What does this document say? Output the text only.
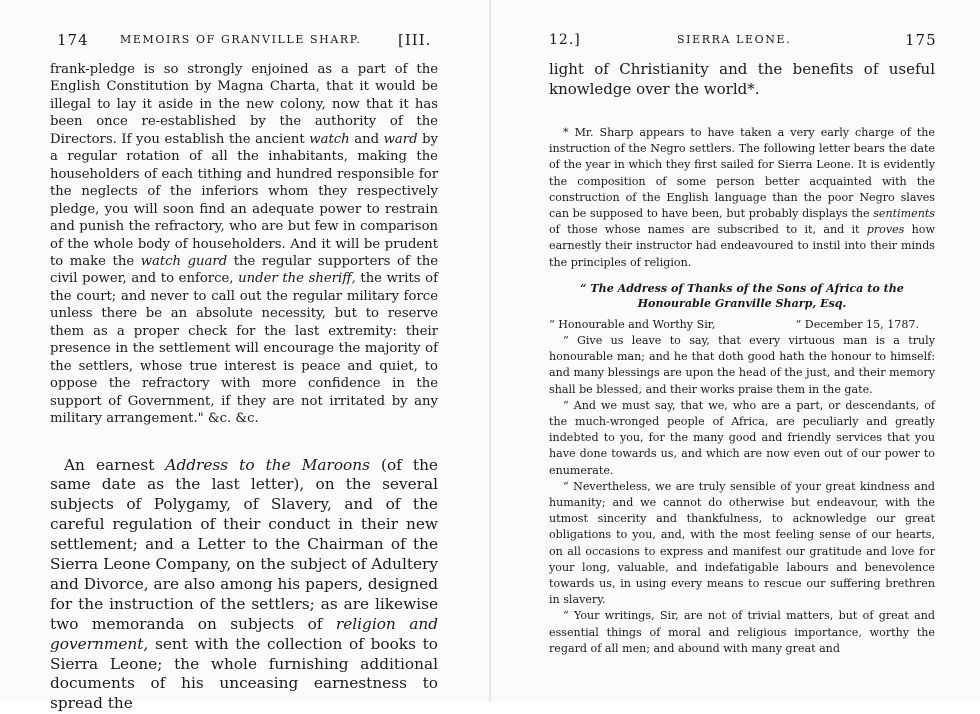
174	MEMOIRS OF GRANVILLE SHARP. [III.

frank-pledge is so strongly enjoined as a part of the English Constitution by Magna Charta, that it would be illegal to lay it aside in the new colony, now that it has been once re-established by the authority of the Directors. If you establish the ancient watch and ward by a regular rotation of all the inhabitants, making the householders of each tithing and hundred responsible for the neglects of the inferiors whom they respectively pledge, you will soon find an adequate power to restrain and punish the refractory, who are but few in comparison of the whole body of householders. And it will be prudent to make the watch guard the regular supporters of the civil power, and to enforce, under the sheriff, the writs of the court; and never to call out the regular military force unless there be an absolute necessity, but to reserve them as a proper check for the last extremity: their presence in the settlement will encourage the majority of the settlers, whose true interest is peace and quiet, to oppose the refractory with more confidence in the support of Government, if they are not irritated by any military arrangement." &c. &c.

An earnest Address to the Maroons (of the same date as the last letter), on the several subjects of Polygamy, of Slavery, and of the careful regulation of their conduct in their new settlement; and a Letter to the Chairman of the Sierra Leone Company, on the subject of Adultery and Divorce, are also among his papers, designed for the instruction of the settlers; as are likewise two memoranda on subjects of religion and government, sent with the collection of books to Sierra Leone; the whole furnishing additional documents of his unceasing earnestness to spread the

12.]	SIERRA LEONE.	175

light of Christianity and the benefits of useful knowledge over the world*.

* Mr. Sharp appears to have taken a very early charge of the instruction of the Negro settlers. The following letter bears the date of the year in which they first sailed for Sierra Leone. It is evidently the composition of some person better acquainted with the construction of the English language than the poor Negro slaves can be supposed to have been, but probably displays the sentiments of those whose names are subscribed to it, and it proves how earnestly their instructor had endeavoured to instil into their minds the principles of religion.

“ The Address of Thanks of the Sons of Africa to the Honourable Granville Sharp, Esq.

“ Honourable and Worthy Sir,	“ December 15, 1787.

“ Give us leave to say, that every virtuous man is a truly honourable man; and he that doth good hath the honour to himself: and many blessings are upon the head of the just, and their memory shall be blessed, and their works praise them in the gate.

“ And we must say, that we, who are a part, or descendants, of the much-wronged people of Africa, are peculiarly and greatly indebted to you, for the many good and friendly services that you have done towards us, and which are now even out of our power to enumerate.

“ Nevertheless, we are truly sensible of your great kindness and humanity; and we cannot do otherwise but endeavour, with the utmost sincerity and thankfulness, to acknowledge our great obligations to you, and, with the most feeling sense of our hearts, on all occasions to express and manifest our gratitude and love for your long, valuable, and indefatigable labours and benevolence towards us, in using every means to rescue our suffering brethren in slavery.

“ Your writings, Sir, are not of trivial matters, but of great and essential things of moral and religious importance, worthy the regard of all men; and abound with many great and
